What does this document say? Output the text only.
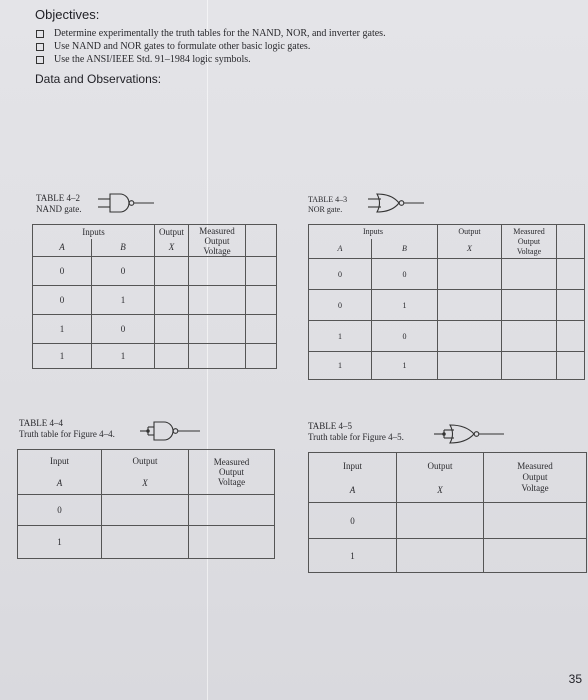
Objectives:
Determine experimentally the truth tables for the NAND, NOR, and inverter gates.
Use NAND and NOR gates to formulate other basic logic gates.
Use the ANSI/IEEE Std. 91–1984 logic symbols.
Data and Observations:
TABLE 4–2
NAND gate.
Inputs		Output	Measured
Output
Voltage	

A	B	X		
0	0			
0	1			
1	0			
1	1			
TABLE 4–3
NOR gate.
Inputs		Output	Measured
Output
Voltage	

A	B	X		
0	0			
0	1			
1	0			
1	1			
TABLE 4–4
Truth table for Figure 4–4.
Input	Output	Measured
Output
Voltage

A	X	
0		
1		
TABLE 4–5
Truth table for Figure 4–5.
Input	Output	Measured
Output
Voltage

A	X	
0		
1		
35
